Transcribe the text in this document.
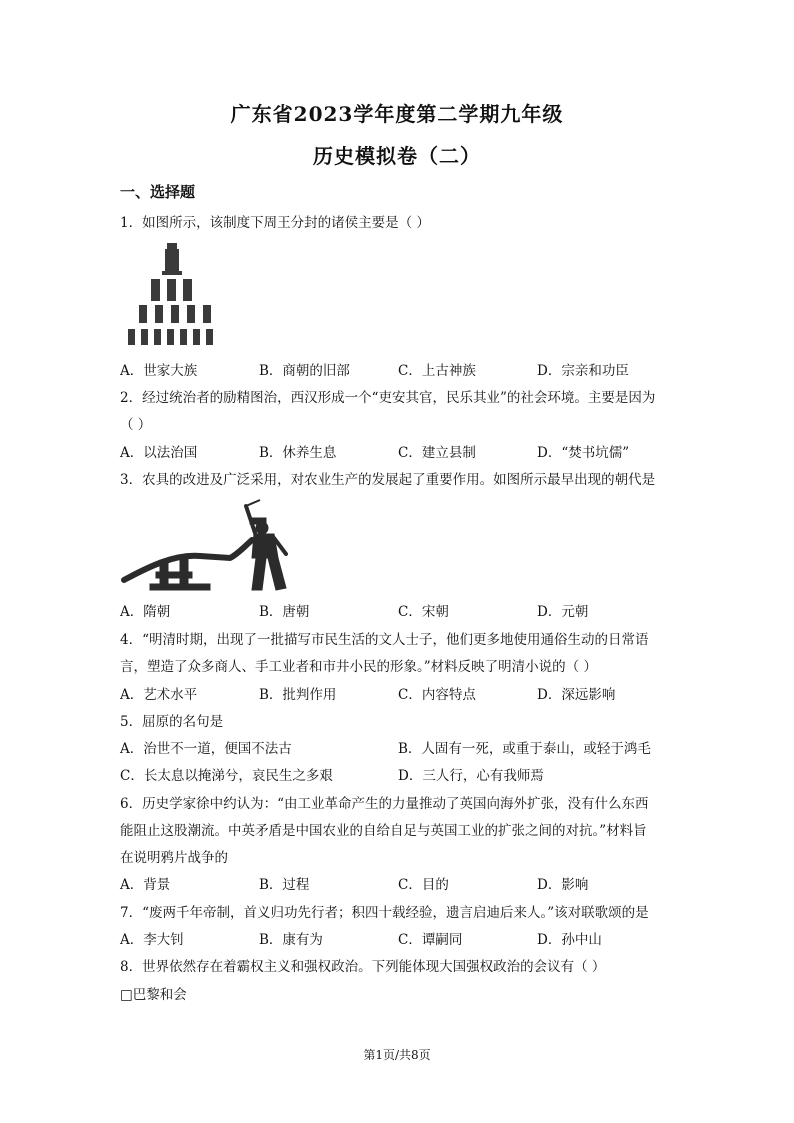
广东省2023学年度第二学期九年级
历史模拟卷（二）
一、选择题
1．如图所示，该制度下周王分封的诸侯主要是（ ）
A．世家大族	B．商朝的旧部	C．上古神族	D．宗亲和功臣
2．经过统治者的励精图治，西汉形成一个“吏安其官，民乐其业”的社会环境。主要是因为
（ ）
A．以法治国	B．休养生息	C．建立县制	D．“焚书坑儒”
3．农具的改进及广泛采用，对农业生产的发展起了重要作用。如图所示最早出现的朝代是
A．隋朝	B．唐朝	C．宋朝	D．元朝
4．“明清时期，出现了一批描写市民生活的文人士子，他们更多地使用通俗生动的日常语
言，塑造了众多商人、手工业者和市井小民的形象。”材料反映了明清小说的（ ）
A．艺术水平	B．批判作用	C．内容特点	D．深远影响
5．屈原的名句是
A．治世不一道，便国不法古	B．人固有一死，或重于泰山，或轻于鸿毛
C．长太息以掩涕兮，哀民生之多艰	D．三人行，心有我师焉
6．历史学家徐中约认为：“由工业革命产生的力量推动了英国向海外扩张，没有什么东西
能阻止这股潮流。中英矛盾是中国农业的自给自足与英国工业的扩张之间的对抗。”材料旨
在说明鸦片战争的
A．背景	B．过程	C．目的	D．影响
7．“废两千年帝制，首义归功先行者；积四十载经验，遗言启迪后来人。”该对联歌颂的是
A．李大钊	B．康有为	C．谭嗣同	D．孙中山
8．世界依然存在着霸权主义和强权政治。下列能体现大国强权政治的会议有（ ）
□巴黎和会
第1页/共8页
